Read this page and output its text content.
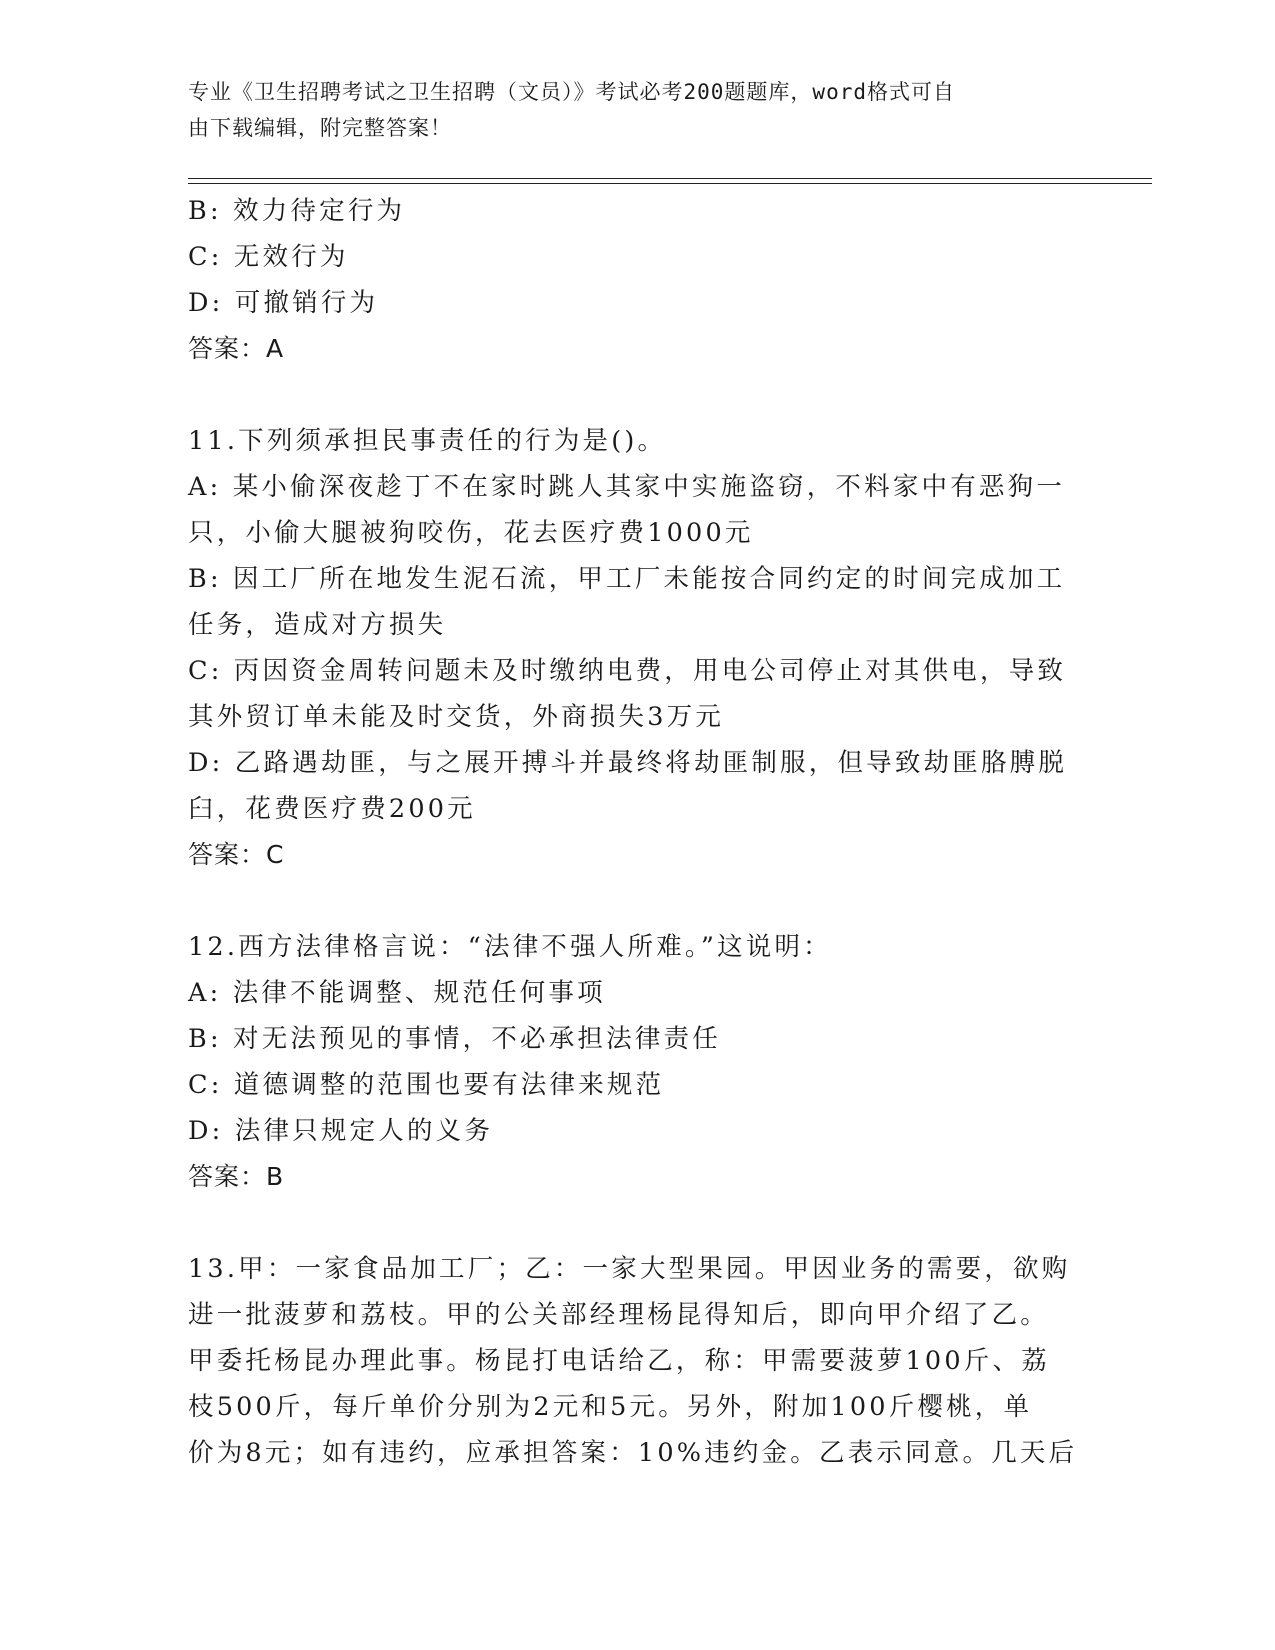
专业《卫生招聘考试之卫生招聘（文员）》考试必考200题题库，word格式可自
由下载编辑，附完整答案！
B: 效力待定行为
C: 无效行为
D: 可撤销行为
答案：A
11.下列须承担民事责任的行为是()。
A: 某小偷深夜趁丁不在家时跳人其家中实施盗窃，不料家中有恶狗一
只，小偷大腿被狗咬伤，花去医疗费1000元
B: 因工厂所在地发生泥石流，甲工厂未能按合同约定的时间完成加工
任务，造成对方损失
C: 丙因资金周转问题未及时缴纳电费，用电公司停止对其供电，导致
其外贸订单未能及时交货，外商损失3万元
D: 乙路遇劫匪，与之展开搏斗并最终将劫匪制服，但导致劫匪胳膊脱
臼，花费医疗费200元
答案：C
12.西方法律格言说：“法律不强人所难。”这说明：
A: 法律不能调整、规范任何事项
B: 对无法预见的事情，不必承担法律责任
C: 道德调整的范围也要有法律来规范
D: 法律只规定人的义务
答案：B
13.甲：一家食品加工厂；乙：一家大型果园。甲因业务的需要，欲购
进一批菠萝和荔枝。甲的公关部经理杨昆得知后，即向甲介绍了乙。
甲委托杨昆办理此事。杨昆打电话给乙，称：甲需要菠萝100斤、荔
枝500斤，每斤单价分别为2元和5元。另外，附加100斤樱桃，单
价为8元；如有违约，应承担答案：10%违约金。乙表示同意。几天后
